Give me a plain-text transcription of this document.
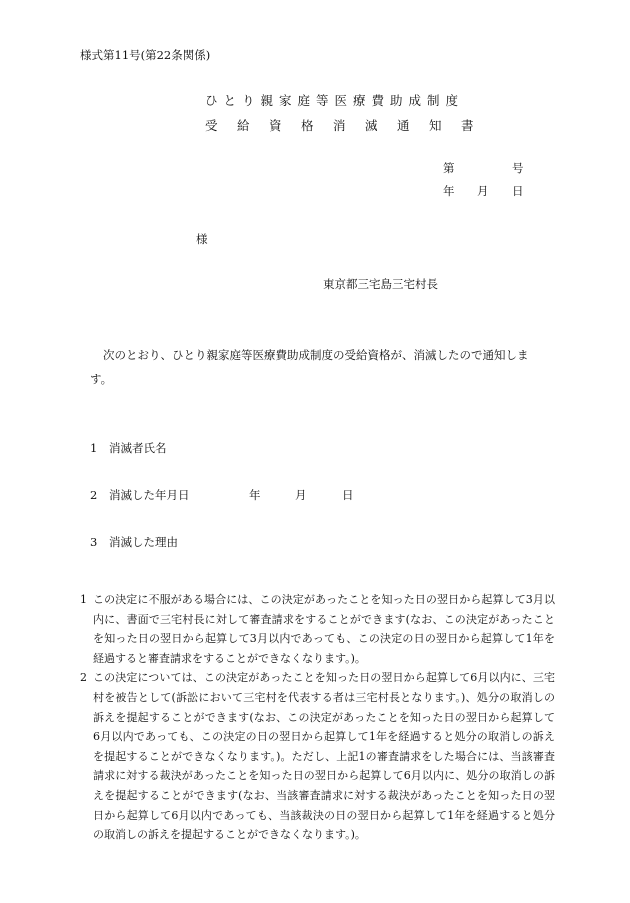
様式第11号(第22条関係)
ひとり親家庭等医療費助成制度
受給資格消滅通知書
第	号
年 月 日
様
東京都三宅島三宅村長
次のとおり、ひとり親家庭等医療費助成制度の受給資格が、消滅したので通知しま
す。
1 消滅者氏名
2 消滅した年月日	年	月	日
3 消滅した理由
1 この決定に不服がある場合には、この決定があったことを知った日の翌日から起算して3月以内に、書面で三宅村長に対して審査請求をすることができます(なお、この決定があったことを知った日の翌日から起算して3月以内であっても、この決定の日の翌日から起算して1年を経過すると審査請求をすることができなくなります。)。
2 この決定については、この決定があったことを知った日の翌日から起算して6月以内に、三宅村を被告として(訴訟において三宅村を代表する者は三宅村長となります。)、処分の取消しの訴えを提起することができます(なお、この決定があったことを知った日の翌日から起算して6月以内であっても、この決定の日の翌日から起算して1年を経過すると処分の取消しの訴えを提起することができなくなります。)。ただし、上記1の審査請求をした場合には、当該審査請求に対する裁決があったことを知った日の翌日から起算して6月以内に、処分の取消しの訴えを提起することができます(なお、当該審査請求に対する裁決があったことを知った日の翌日から起算して6月以内であっても、当該裁決の日の翌日から起算して1年を経過すると処分の取消しの訴えを提起することができなくなります。)。
